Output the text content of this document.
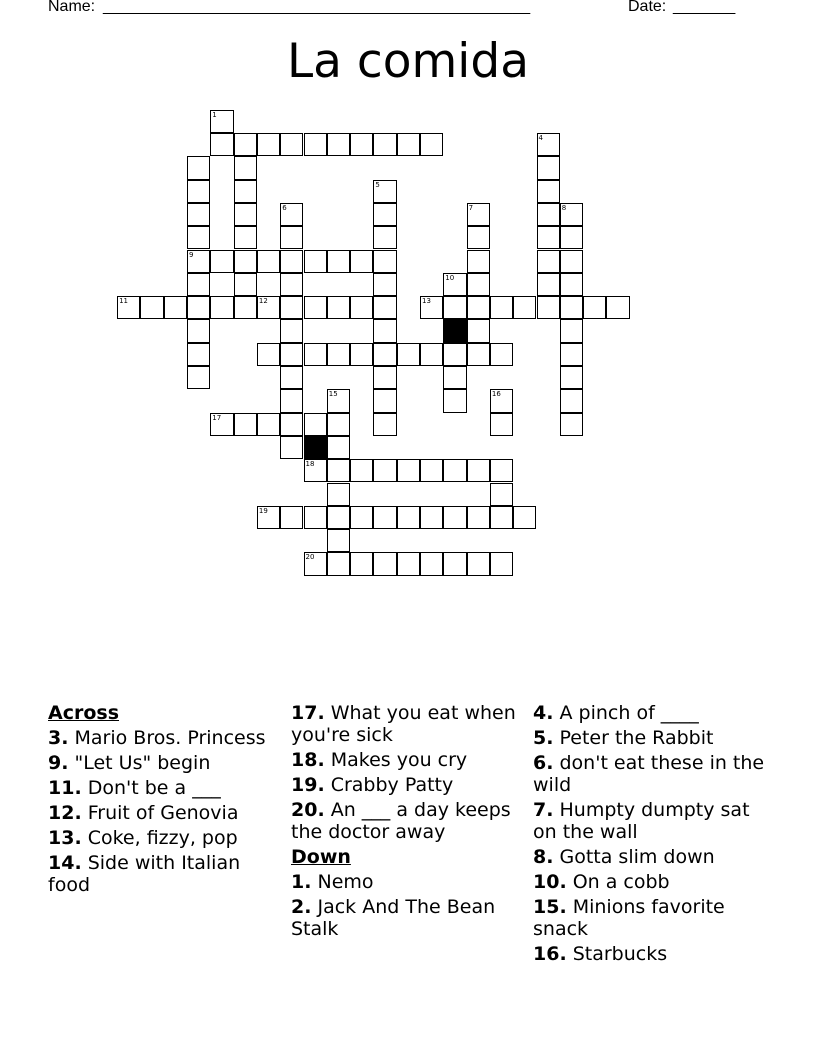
Name: ________________________________________________	Date: _______
La comida
1
4
5
6	7	8
9
10
11	12	13
15	16
17
18
19
20
Across
3. Mario Bros. Princess
9. "Let Us" begin
11. Don't be a ___
12. Fruit of Genovia
13. Coke, fizzy, pop
14. Side with Italian food
17. What you eat when you're sick
18. Makes you cry
19. Crabby Patty
20. An ___ a day keeps the doctor away
Down
1. Nemo
2. Jack And The Bean Stalk
4. A pinch of ____
5. Peter the Rabbit
6. don't eat these in the wild
7. Humpty dumpty sat on the wall
8. Gotta slim down
10. On a cobb
15. Minions favorite snack
16. Starbucks
